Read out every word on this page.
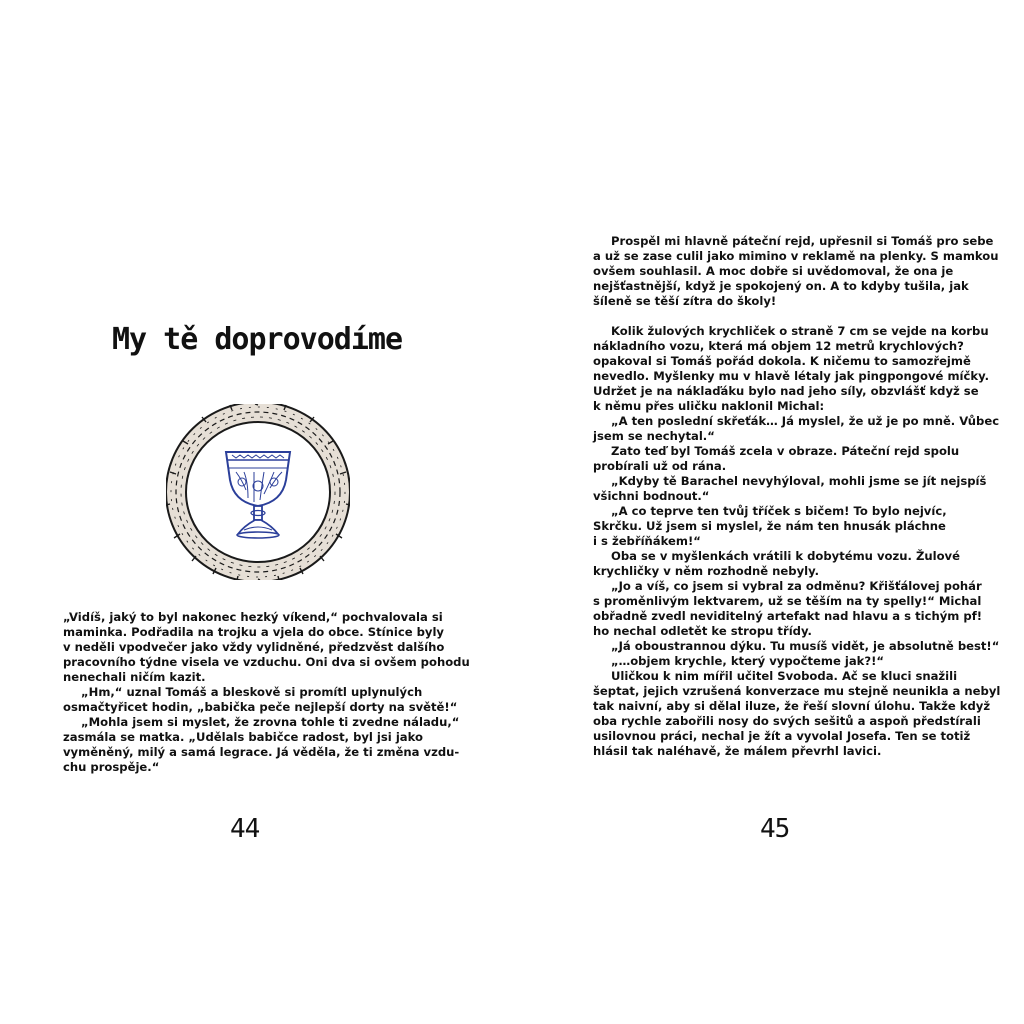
My tě doprovodíme

„Vidíš, jaký to byl nakonec hezký víkend,“ pochvalovala si

maminka. Podřadila na trojku a vjela do obce. Stínice byly

v neděli vpodvečer jako vždy vylidněné, předzvěst dalšího

pracovního týdne visela ve vzduchu. Oni dva si ovšem pohodu

nenechali ničím kazit.

„Hm,“ uznal Tomáš a bleskově si promítl uplynulých

osmačtyřicet hodin, „babička peče nejlepší dorty na světě!“

„Mohla jsem si myslet, že zrovna tohle ti zvedne náladu,“

zasmála se matka. „Udělals babičce radost, byl jsi jako

vyměněný, milý a samá legrace. Já věděla, že ti změna vzdu-

chu prospěje.“

44

Prospěl mi hlavně páteční rejd, upřesnil si Tomáš pro sebe

a už se zase culil jako mimino v reklamě na plenky. S mamkou

ovšem souhlasil. A moc dobře si uvědomoval, že ona je

nejšťastnější, když je spokojený on. A to kdyby tušila, jak

šíleně se těší zítra do školy!

Kolik žulových krychliček o straně 7 cm se vejde na korbu

nákladního vozu, která má objem 12 metrů krychlových?

opakoval si Tomáš pořád dokola. K ničemu to samozřejmě

nevedlo. Myšlenky mu v hlavě létaly jak pingpongové míčky.

Udržet je na náklaďáku bylo nad jeho síly, obzvlášť když se

k němu přes uličku naklonil Michal:

„A ten poslední skřeťák… Já myslel, že už je po mně. Vůbec

jsem se nechytal.“

Zato teď byl Tomáš zcela v obraze. Páteční rejd spolu

probírali už od rána.

„Kdyby tě Barachel nevyhýloval, mohli jsme se jít nejspíš

všichni bodnout.“

„A co teprve ten tvůj tříček s bičem! To bylo nejvíc,

Skrčku. Už jsem si myslel, že nám ten hnusák pláchne

i s žebříňákem!“

Oba se v myšlenkách vrátili k dobytému vozu. Žulové

krychličky v něm rozhodně nebyly.

„Jo a víš, co jsem si vybral za odměnu? Křišťálovej pohár

s proměnlivým lektvarem, už se těším na ty spelly!“ Michal

obřadně zvedl neviditelný artefakt nad hlavu a s tichým pf!

ho nechal odletět ke stropu třídy.

„Já oboustrannou dýku. Tu musíš vidět, je absolutně best!“

„…objem krychle, který vypočteme jak?!“

Uličkou k nim mířil učitel Svoboda. Ač se kluci snažili

šeptat, jejich vzrušená konverzace mu stejně neunikla a nebyl

tak naivní, aby si dělal iluze, že řeší slovní úlohu. Takže když

oba rychle zabořili nosy do svých sešitů a aspoň předstírali

usilovnou práci, nechal je žít a vyvolal Josefa. Ten se totiž

hlásil tak naléhavě, že málem převrhl lavici.

45
